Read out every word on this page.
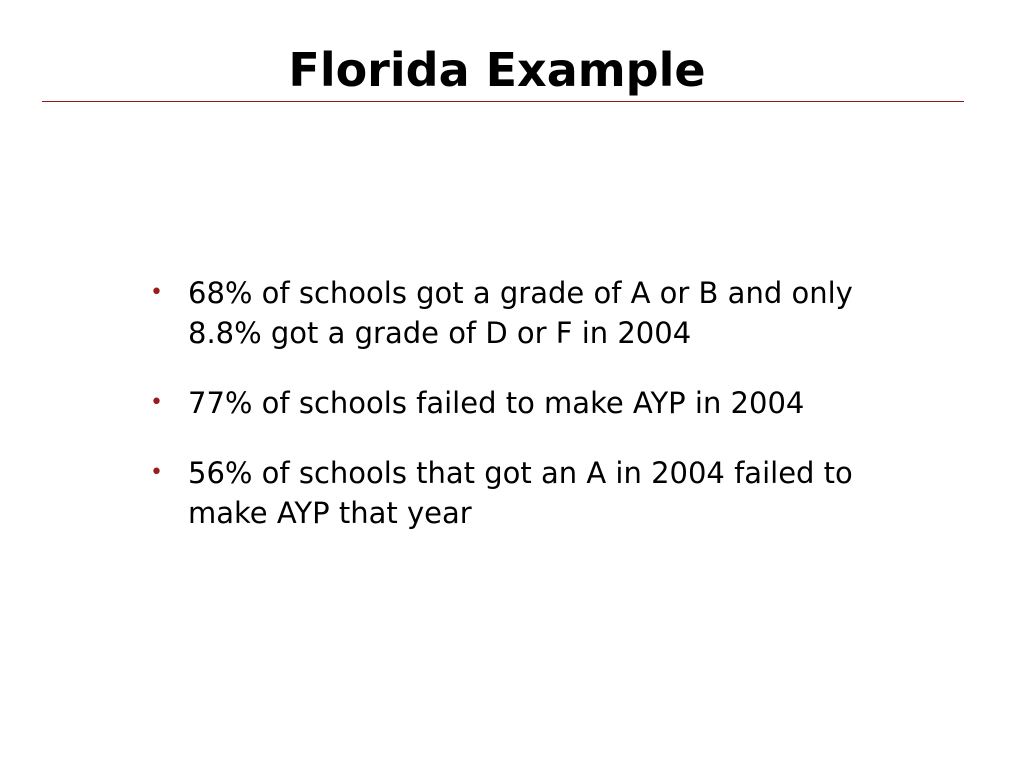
Florida Example
• 68% of schools got a grade of A or B and only 8.8% got a grade of D or F in 2004
• 77% of schools failed to make AYP in 2004
• 56% of schools that got an A in 2004 failed to make AYP that year
